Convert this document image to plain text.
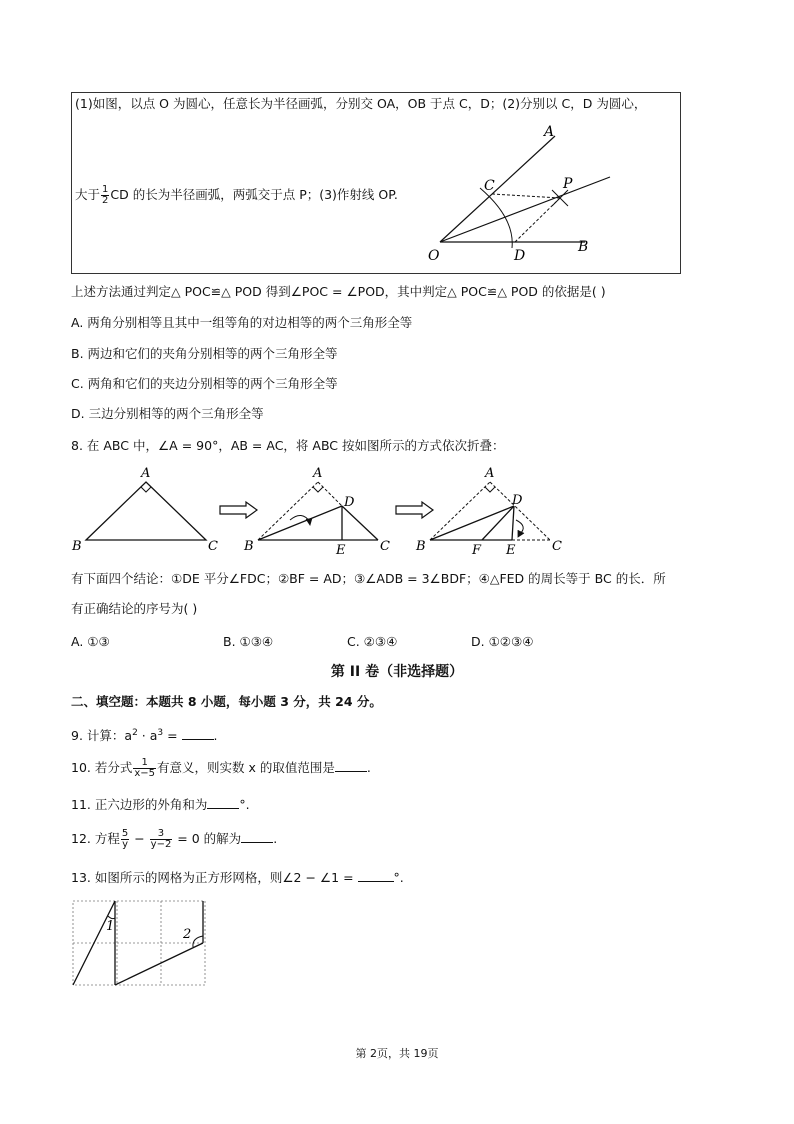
(1)如图，以点 O 为圆心，任意长为半径画弧，分别交 OA，OB 于点 C，D；(2)分别以 C，D 为圆心，
大于 $\frac{1}{2}$ CD 的长为半径画弧，两弧交于点 P；(3)作射线 OP.
A
C	P
O	D
B
上述方法通过判定△ POC≌△ POD 得到∠POC = ∠POD，其中判定△ POC≌△ POD 的依据是( )
A. 两角分别相等且其中一组等角的对边相等的两个三角形全等
B. 两边和它们的夹角分别相等的两个三角形全等
C. 两角和它们的夹边分别相等的两个三角形全等
D. 三边分别相等的两个三角形全等
8. 在 ABC 中，∠A = 90°，AB = AC，将 ABC 按如图所示的方式依次折叠：
A
B	C
A
D
B	E	C
A
D
B	F E	C
有下面四个结论：①DE 平分∠FDC；②BF = AD；③∠ADB = 3∠BDF；④△FED 的周长等于 BC 的长．所
有正确结论的序号为( )
A. ①③	B. ①③④	C. ②③④	D. ①②③④
第 II 卷（非选择题）
二、填空题：本题共 8 小题，每小题 3 分，共 24 分。
9. 计算：$a^2 \cdot a^3$ =	.
10. 若分式 $\frac{1}{x-5}$ 有意义，则实数 x 的取值范围是	.
11. 正六边形的外角和为	°.
12. 方程 $\frac{5}{y} - \frac{3}{y-2} = 0$ 的解为	.
13. 如图所示的网格为正方形网格，则∠2 − ∠1 =	°.
1
2
第 2页，共 19页
